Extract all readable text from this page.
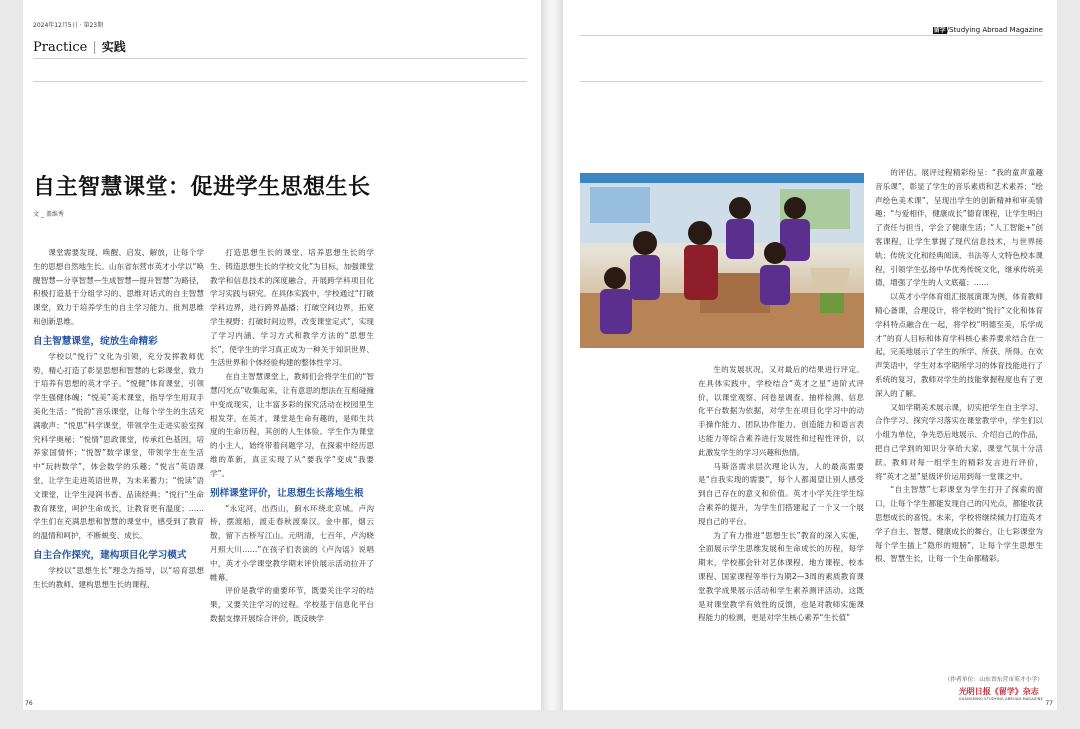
2024年12月5日 · 第23期
Practice | 实践
自主智慧课堂：促进学生思想生长
文 _ 盖维秀

课堂需要发现、唤醒、启发、解放，让每个学生的思想自然地生长。山东省东营市英才小学以“唤醒智慧—分享智慧—生成智慧—提升智慧”为路径，积极打造基于分组学习的、思维对话式的自主智慧课堂，致力于培养学生的自主学习能力、批判思维和创新思维。

自主智慧课堂，绽放生命精彩

学校以“悦行”文化为引领，充分发挥教师优势，精心打造了彰显思想和智慧的七彩课堂，致力于培养有思想的英才学子。“悦健”体育课堂，引领学生强健体魄；“悦美”美术课堂，指导学生用双手美化生活；“悦韵”音乐课堂，让每个学生的生活充满歌声；“悦思”科学课堂，带领学生走进实验室探究科学奥秘；“悦情”思政课堂，传承红色基因，培养家国情怀；“悦智”数学课堂，带领学生在生活中“玩转数学”，体会数学的乐趣；“悦言”英语课堂，让学生走进英语世界，为未来蓄力；“悦读”语文课堂，让学生浸润书香、品读经典；“悦行”生命教育课堂，呵护生命成长，让教育更有温度；……学生们在充满思想和智慧的课堂中，感受到了教育的温情和呵护，不断蜕变、成长。

自主合作探究，建构项目化学习模式

学校以“思想生长”理念为指导，以“培育思想生长的教师、建构思想生长的课程、

打造思想生长的课堂、培养思想生长的学生、铸造思想生长的学校文化”为目标，加强课堂教学和信息技术的深度融合，开展跨学科项目化学习实践与研究。在具体实践中，学校通过“打破学科边界，进行跨界晶播；打破空间边界，拓宽学生视野；打破时间边界，改变课堂定式”，实现了学习内涵、学习方式和教学方法的“思想生长”，使学生的学习真正成为一种关于知识世界、生活世界和个体经验构建的整体性学习。

在自主智慧课堂上，教师们会将学生们的“智慧闪光点”收集起来，让有意思的想法在互相碰撞中变成现实，让丰富多彩的探究活动在校园里生根发芽。在英才，课堂是生命有趣的，是师生共度的生命历程，其创的人生体验。学生作为课堂的小主人，始终带着问题学习，在探索中经历思维的革新，真正实现了从“要我学”变成“我要学”。

别样课堂评价，让思想生长落地生根

“永定河，出西山，蓟水环绕北京城。卢沟桥，摆渡船，渡走春秋渡秦汉。金中都，烟云散，留下古桥写江山。元明清，七百年，卢沟晓月照大川……”在孩子们表演的《卢沟谣》说唱中，英才小学课堂教学期末评价展示活动拉开了帷幕。

评价是教学的重要环节，既要关注学习的结果，又要关注学习的过程。学校基于信息化平台数据支撑开展综合评价，既反映学

76
留学/Studying Abroad Magazine

生的发展状况，又对最后的结果进行评定。在具体实践中，学校结合“英才之星”进阶式评价，以课堂观察、问卷星调查、抽样检测、信息化平台数据为依据，对学生在项目化学习中的动手操作能力、团队协作能力、创造能力和语言表达能力等综合素养进行发展性和过程性评价，以此激发学生的学习兴趣和热情。

马斯洛需求层次理论认为，人的最高需要是“自我实现的需要”，每个人都渴望让别人感受到自己存在的意义和价值。英才小学关注学生综合素养的提升，为学生们搭建起了一个又一个展现自己的平台。

为了有力推进“思想生长”教育的深入实施，全面展示学生思维发展和生命成长的历程，每学期末，学校都会针对艺体课程、地方课程、校本课程、国家课程等举行为期2—3周的素质教育课堂教学成果展示活动和学生素养测评活动。这既是对课堂教学有效性的反馈，也是对教师实施课程能力的检测，更是对学生核心素养“生长值”

的评估。展评过程精彩纷呈：“我的童声童趣音乐课”，彰显了学生的音乐素质和艺术素养；“绘声绘色美术课”，呈现出学生的创新精神和审美情趣；“与爱相伴，健康成长”德育课程，让学生明白了责任与担当，学会了健康生活；“人工智能+”创客课程，让学生掌握了现代信息技术，与世界接轨；传统文化和经典阅读、书法等人文特色校本课程，引领学生弘扬中华优秀传统文化，继承传统美德，增强了学生的人文底蕴；……

以英才小学体育组汇报展演课为例，体育教师精心备课，合理设计，将学校的“悦行”文化和体育学科特点融合在一起，将学校“明德至美，乐学成才”的育人目标和体育学科核心素养要求结合在一起，完美地展示了学生的所学、所获、所得。在欢声笑语中，学生对本学期所学习的体育技能进行了系统的复习，教师对学生的技能掌握程度也有了更深入的了解。

又如学期美术展示课，切实把学生自主学习、合作学习、探究学习落实在课堂教学中，学生们以小组为单位，争先恐后地展示、介绍自己的作品，把自己学到的知识分享给大家，课堂气氛十分活跃。教师对每一组学生的精彩发言进行评价，将“英才之星”星级评价运用到每一堂课之中。

“自主智慧”七彩课堂为学生打开了探索的窗口，让每个学生都能发现自己的闪光点，都能收获思想成长的喜悦。未来，学校将继续倾力打造英才学子自主、智慧、健康成长的舞台，让七彩课堂为每个学生插上“隐形的翅膀”，让每个学生思想生根、智慧生长，让每一个生命都精彩。

（作者单位：山东省东营市英才小学）
光明日报《留学》杂志
GUANGMING STUDYING ABROAD MAGAZINE
77
